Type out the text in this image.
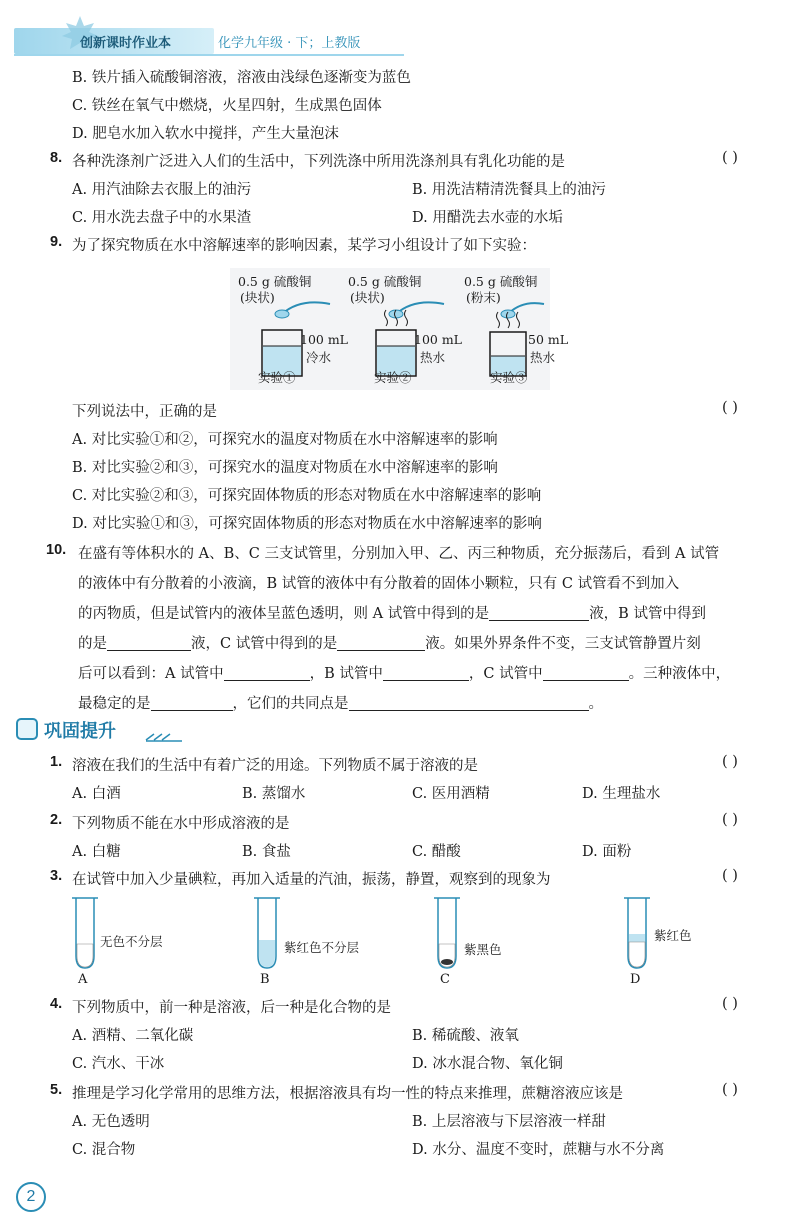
创新课时作业本	化学九年级 · 下；上教版
B. 铁片插入硫酸铜溶液，溶液由浅绿色逐渐变为蓝色
C. 铁丝在氧气中燃烧，火星四射，生成黑色固体
D. 肥皂水加入软水中搅拌，产生大量泡沫
8. 各种洗涤剂广泛进入人们的生活中，下列洗涤中所用洗涤剂具有乳化功能的是	( )
A. 用汽油除去衣服上的油污	B. 用洗洁精清洗餐具上的油污
C. 用水洗去盘子中的水果渣	D. 用醋洗去水壶的水垢
9. 为了探究物质在水中溶解速率的影响因素，某学习小组设计了如下实验：
0.5 g 硫酸铜
(块状)
100 mL
冷水
实验①
0.5 g 硫酸铜
(块状)
100 mL
热水
实验②
0.5 g 硫酸铜
(粉末)
50 mL
热水
实验③
下列说法中，正确的是	( )
A. 对比实验①和②，可探究水的温度对物质在水中溶解速率的影响
B. 对比实验②和③，可探究水的温度对物质在水中溶解速率的影响
C. 对比实验②和③，可探究固体物质的形态对物质在水中溶解速率的影响
D. 对比实验①和③，可探究固体物质的形态对物质在水中溶解速率的影响
10. 在盛有等体积水的 A、B、C 三支试管里，分别加入甲、乙、丙三种物质，充分振荡后，看到 A 试管
的液体中有分散着的小液滴，B 试管的液体中有分散着的固体小颗粒，只有 C 试管看不到加入
的丙物质，但是试管内的液体呈蓝色透明，则 A 试管中得到的是	液，B 试管中得到
的是	液，C 试管中得到的是	液。如果外界条件不变，三支试管静置片刻
后可以看到：A 试管中	，B 试管中	，C 试管中	。三种液体中，
最稳定的是	，它们的共同点是	。
巩固提升
1. 溶液在我们的生活中有着广泛的用途。下列物质不属于溶液的是	( )
A. 白酒	B. 蒸馏水	C. 医用酒精	D. 生理盐水
2. 下列物质不能在水中形成溶液的是	( )
A. 白糖	B. 食盐	C. 醋酸	D. 面粉
3. 在试管中加入少量碘粒，再加入适量的汽油，振荡，静置，观察到的现象为	( )
无色不分层
A
紫红色不分层
B
紫黑色
C
紫红色
D
4. 下列物质中，前一种是溶液，后一种是化合物的是	( )
A. 酒精、二氧化碳	B. 稀硫酸、液氧
C. 汽水、干冰	D. 冰水混合物、氧化铜
5. 推理是学习化学常用的思维方法，根据溶液具有均一性的特点来推理，蔗糖溶液应该是	( )
A. 无色透明	B. 上层溶液与下层溶液一样甜
C. 混合物	D. 水分、温度不变时，蔗糖与水不分离
2
